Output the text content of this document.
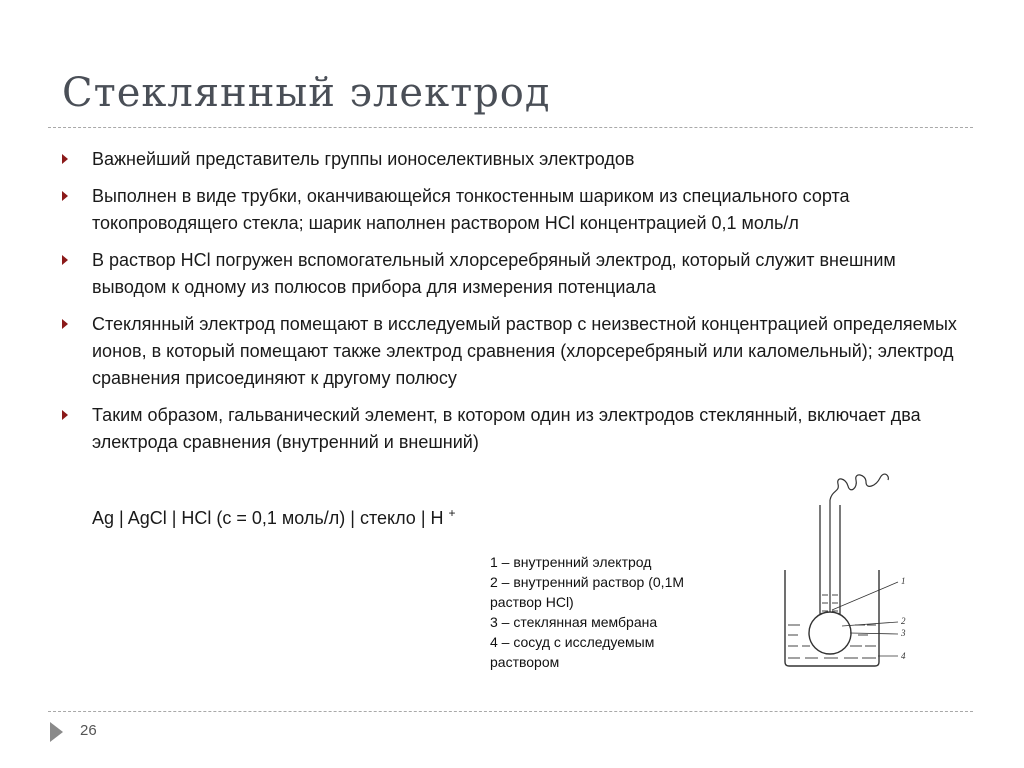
Стеклянный электрод
Важнейший представитель группы ионоселективных электродов
Выполнен в виде трубки, оканчивающейся тонкостенным шариком из специального сорта токопроводящего стекла; шарик наполнен раствором HCl концентрацией 0,1 моль/л
В раствор HCl погружен вспомогательный хлорсеребряный электрод, который служит внешним выводом к одному из полюсов прибора для измерения потенциала
Стеклянный электрод помещают в исследуемый раствор с неизвестной концентрацией определяемых ионов, в который помещают также электрод сравнения (хлорсеребряный или каломельный); электрод сравнения присоединяют к другому полюсу
Таким образом, гальванический элемент, в котором один из электродов стеклянный, включает два электрода сравнения (внутренний и внешний)
Ag | AgCl | HCl (c = 0,1 моль/л) | стекло | H +
1 – внутренний электрод
2 – внутренний раствор (0,1М
раствор HCl)
3 – стеклянная мембрана
4 – сосуд с исследуемым
раствором
1
2
3
4
26
